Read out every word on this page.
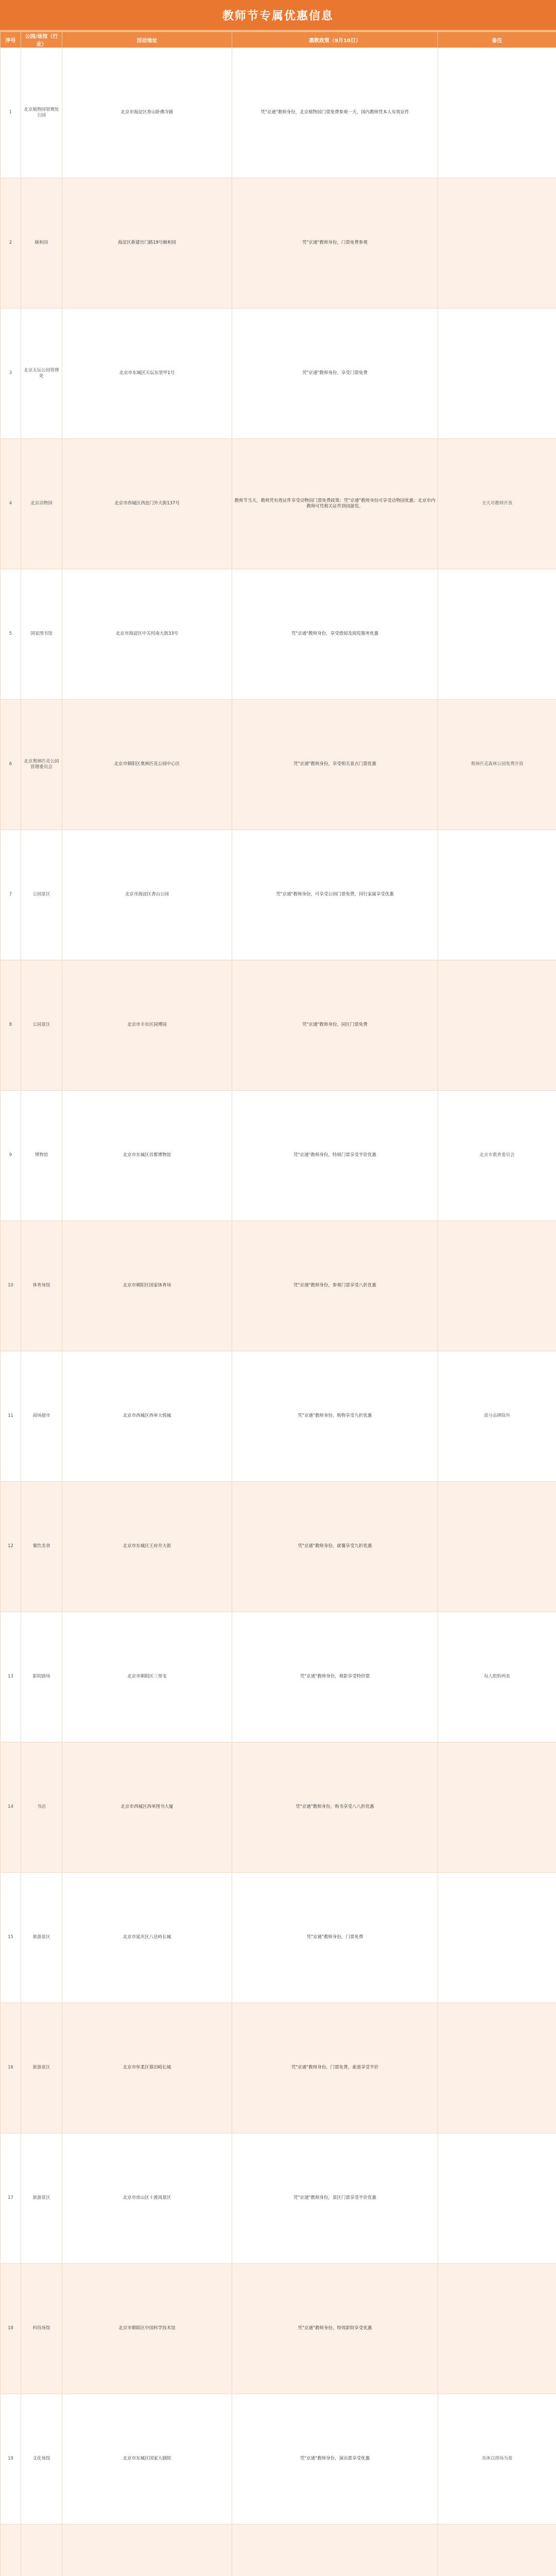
教师节专属优惠信息
序号	公园/场馆（行业）	活动地址	惠教政策（9月10日）	备注
1	北京植物园管理处公园	北京市海淀区香山卧佛寺路	凭"京通"教师身份，北京植物园门票免费参观一天，国内教师凭本人有效证件	
2	颐和园	海淀区新建宫门路19号颐和园	凭"京通"教师身份，门票免费参观	
3	北京天坛公园管理处	北京市东城区天坛东里甲1号	凭"京通"教师身份，享受门票免费	
4	北京动物园	北京市西城区西直门外大街137号	教师节当天，教师凭有效证件享受动物园门票免费政策；凭"京通"教师身份可享受动物园优惠；北京市内教师可凭相关证件到园游览。	全天对教师开放
5	国家图书馆	北京市海淀区中关村南大街33号	凭"京通"教师身份，享受借阅及阅览服务优惠	
6	北京奥林匹克公园管理委员会	北京市朝阳区奥林匹克公园中心区	凭"京通"教师身份，享受相关景点门票优惠	奥林匹克森林公园免费开放
7	公园景区	北京市海淀区香山公园	凭"京通"教师身份，可享受公园门票免费，同行家属享受优惠	
8	公园景区	北京市丰台区园博园	凭"京通"教师身份，园区门票免费	
9	博物馆	北京市东城区首都博物馆	凭"京通"教师身份，特展门票享受半价优惠	北京市教育委员会
10	体育场馆	北京市朝阳区国家体育场	凭"京通"教师身份，参观门票享受八折优惠	
11	商场超市	北京市西城区西单大悦城	凭"京通"教师身份，购物享受九折优惠	部分品牌除外
12	餐饮美食	北京市东城区王府井大街	凭"京通"教师身份，就餐享受九折优惠	
13	影院剧场	北京市朝阳区三里屯	凭"京通"教师身份，观影享受特价票	每人限购两张
14	书店	北京市西城区西单图书大厦	凭"京通"教师身份，购书享受八八折优惠	
15	旅游景区	北京市延庆区八达岭长城	凭"京通"教师身份，门票免费	
16	旅游景区	北京市怀柔区慕田峪长城	凭"京通"教师身份，门票免费，索道享受半价	
17	旅游景区	北京市房山区十渡风景区	凭"京通"教师身份，景区门票享受半价优惠	
18	科技场馆	北京市朝阳区中国科学技术馆	凭"京通"教师身份，特效影院享受优惠	
19	文化场馆	北京市东城区国家大剧院	凭"京通"教师身份，演出票享受优惠	具体以现场为准
